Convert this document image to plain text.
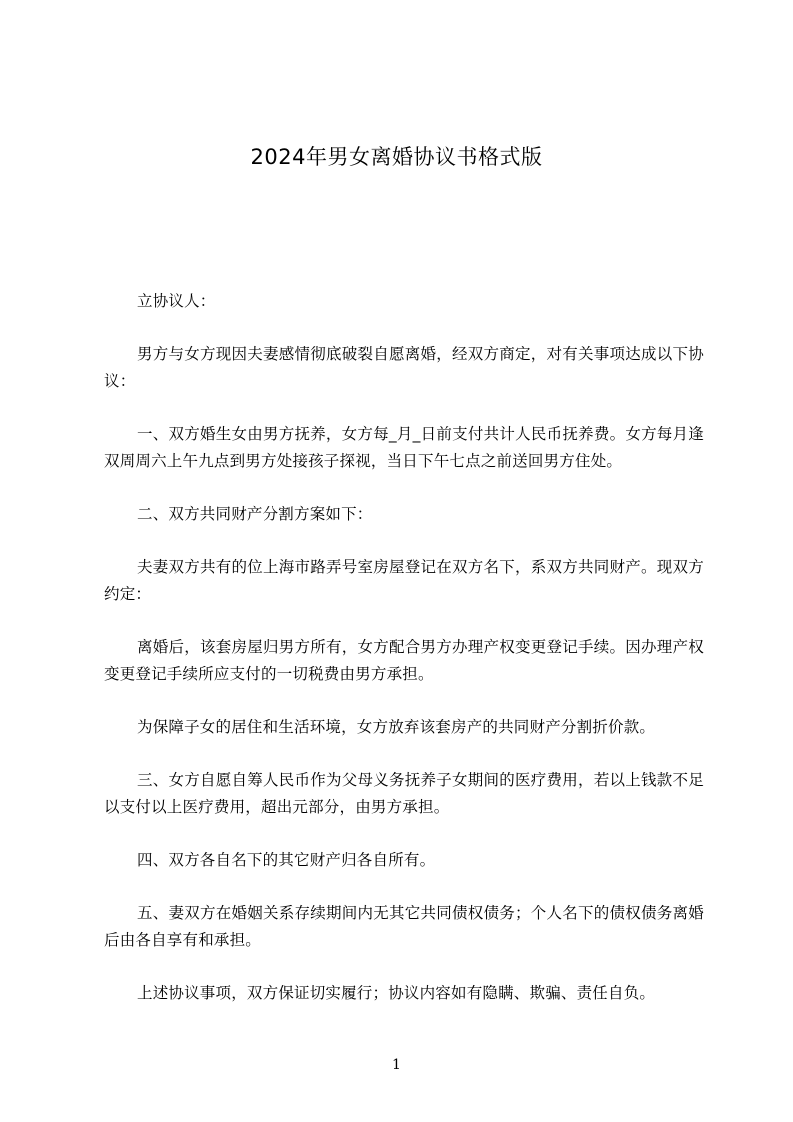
2024年男女离婚协议书格式版

立协议人：

男方与女方现因夫妻感情彻底破裂自愿离婚，经双方商定，对有关事项达成以下协议：

一、双方婚生女由男方抚养，女方每_月_日前支付共计人民币抚养费。女方每月逢双周周六上午九点到男方处接孩子探视，当日下午七点之前送回男方住处。

二、双方共同财产分割方案如下：

夫妻双方共有的位上海市路弄号室房屋登记在双方名下，系双方共同财产。现双方约定：

离婚后，该套房屋归男方所有，女方配合男方办理产权变更登记手续。因办理产权变更登记手续所应支付的一切税费由男方承担。

为保障子女的居住和生活环境，女方放弃该套房产的共同财产分割折价款。

三、女方自愿自筹人民币作为父母义务抚养子女期间的医疗费用，若以上钱款不足以支付以上医疗费用，超出元部分，由男方承担。

四、双方各自名下的其它财产归各自所有。

五、妻双方在婚姻关系存续期间内无其它共同债权债务；个人名下的债权债务离婚后由各自享有和承担。

上述协议事项，双方保证切实履行；协议内容如有隐瞒、欺骗、责任自负。

1
